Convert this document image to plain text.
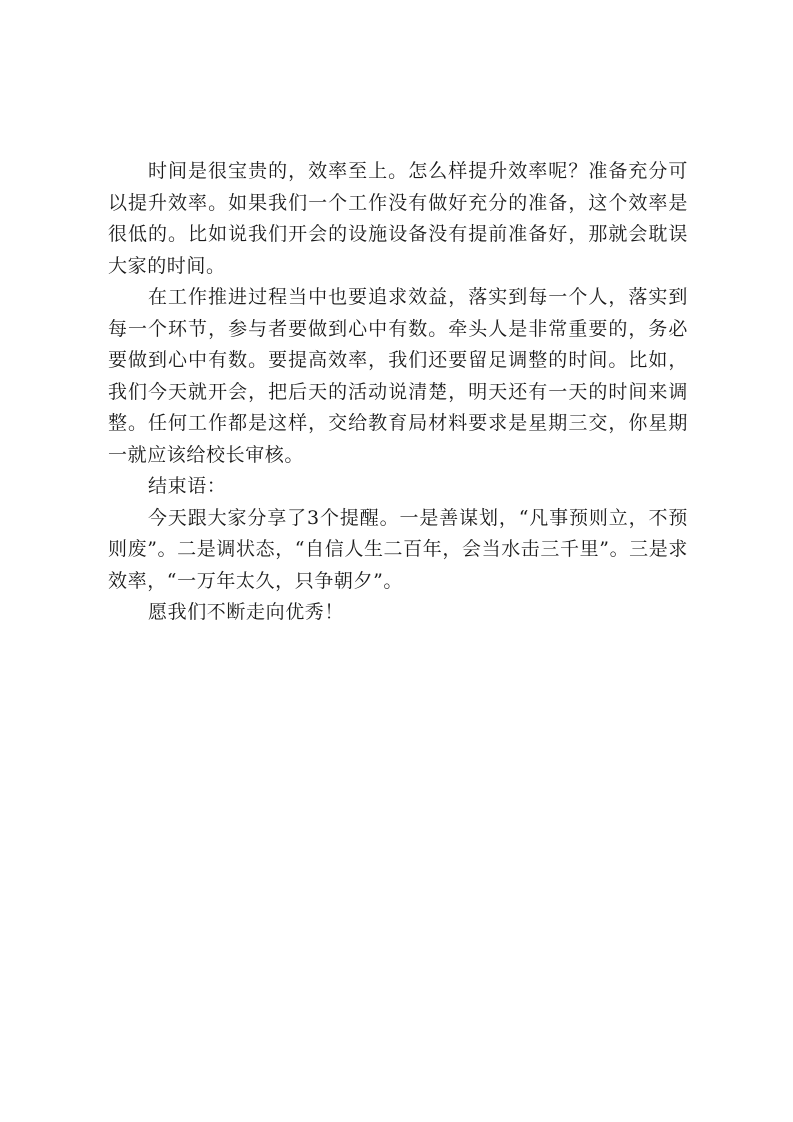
时间是很宝贵的，效率至上。怎么样提升效率呢？准备充分可以提升效率。如果我们一个工作没有做好充分的准备，这个效率是很低的。比如说我们开会的设施设备没有提前准备好，那就会耽误大家的时间。

在工作推进过程当中也要追求效益，落实到每一个人，落实到每一个环节，参与者要做到心中有数。牵头人是非常重要的，务必要做到心中有数。要提高效率，我们还要留足调整的时间。比如，我们今天就开会，把后天的活动说清楚，明天还有一天的时间来调整。任何工作都是这样，交给教育局材料要求是星期三交，你星期一就应该给校长审核。

结束语：

今天跟大家分享了3个提醒。一是善谋划，“凡事预则立，不预则废”。二是调状态，“自信人生二百年，会当水击三千里”。三是求效率，“一万年太久，只争朝夕”。

愿我们不断走向优秀！
